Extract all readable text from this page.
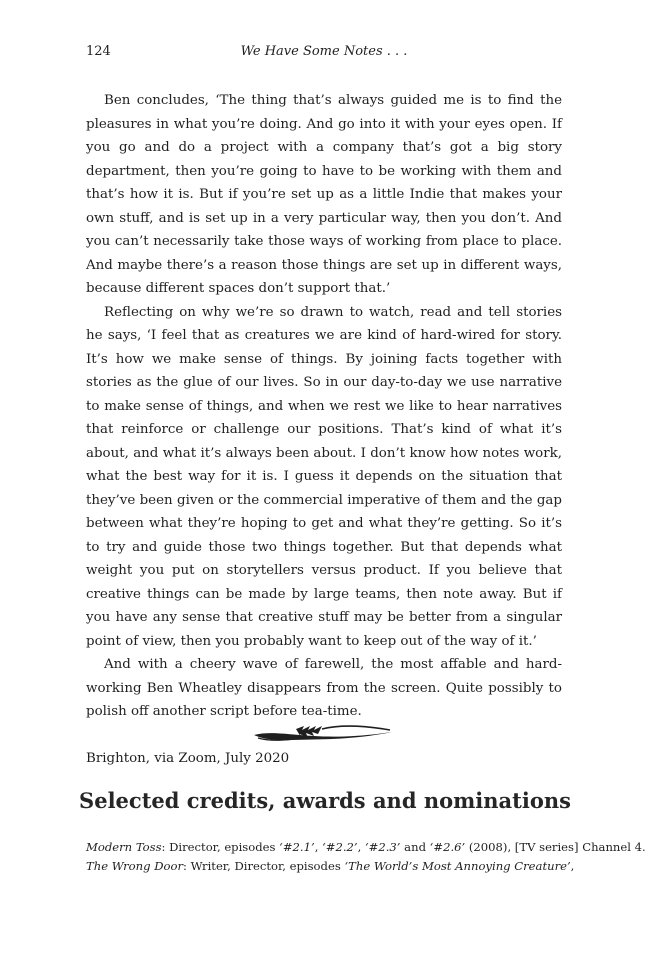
124	We Have Some Notes . . .

Ben concludes, ‘The thing that’s always guided me is to find the pleasures in what you’re doing. And go into it with your eyes open. If you go and do a project with a company that’s got a big story department, then you’re going to have to be working with them and that’s how it is. But if you’re set up as a little Indie that makes your own stuff, and is set up in a very particular way, then you don’t. And you can’t necessarily take those ways of working from place to place. And maybe there’s a reason those things are set up in different ways, because different spaces don’t support that.’

Reflecting on why we’re so drawn to watch, read and tell stories he says, ‘I feel that as creatures we are kind of hard-wired for story. It’s how we make sense of things. By joining facts together with stories as the glue of our lives. So in our day-to-day we use narrative to make sense of things, and when we rest we like to hear narratives that reinforce or challenge our positions. That’s kind of what it’s about, and what it’s always been about. I don’t know how notes work, what the best way for it is. I guess it depends on the situation that they’ve been given or the commercial imperative of them and the gap between what they’re hoping to get and what they’re getting. So it’s to try and guide those two things together. But that depends what weight you put on storytellers versus product. If you believe that creative things can be made by large teams, then note away. But if you have any sense that creative stuff may be better from a singular point of view, then you probably want to keep out of the way of it.’

And with a cheery wave of farewell, the most affable and hard-working Ben Wheatley disappears from the screen. Quite possibly to polish off another script before tea-time.

Brighton, via Zoom, July 2020

Selected credits, awards and nominations
Modern Toss: Director, episodes ‘#2.1’, ‘#2.2’, ‘#2.3’ and ‘#2.6’ (2008), [TV series] Channel 4.
The Wrong Door: Writer, Director, episodes ‘The World’s Most Annoying Creature’,
